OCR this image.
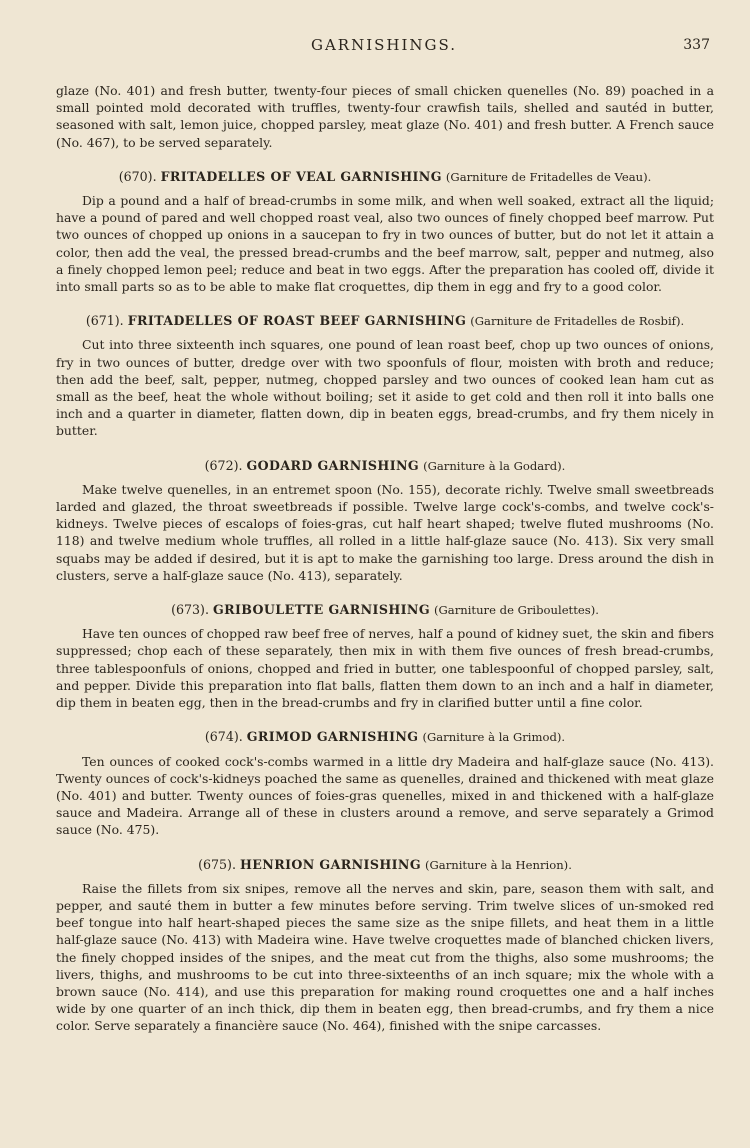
GARNISHINGS.	337

glaze (No. 401) and fresh butter, twenty-four pieces of small chicken quenelles (No. 89) poached in a small pointed mold decorated with truffles, twenty-four crawfish tails, shelled and sautéd in butter, seasoned with salt, lemon juice, chopped parsley, meat glaze (No. 401) and fresh butter. A French sauce (No. 467), to be served separately.

(670). FRITADELLES OF VEAL GARNISHING (Garniture de Fritadelles de Veau).

Dip a pound and a half of bread-crumbs in some milk, and when well soaked, extract all the liquid; have a pound of pared and well chopped roast veal, also two ounces of finely chopped beef marrow. Put two ounces of chopped up onions in a saucepan to fry in two ounces of butter, but do not let it attain a color, then add the veal, the pressed bread-crumbs and the beef marrow, salt, pepper and nutmeg, also a finely chopped lemon peel; reduce and beat in two eggs. After the preparation has cooled off, divide it into small parts so as to be able to make flat croquettes, dip them in egg and fry to a good color.

(671). FRITADELLES OF ROAST BEEF GARNISHING (Garniture de Fritadelles de Rosbif).

Cut into three sixteenth inch squares, one pound of lean roast beef, chop up two ounces of onions, fry in two ounces of butter, dredge over with two spoonfuls of flour, moisten with broth and reduce; then add the beef, salt, pepper, nutmeg, chopped parsley and two ounces of cooked lean ham cut as small as the beef, heat the whole without boiling; set it aside to get cold and then roll it into balls one inch and a quarter in diameter, flatten down, dip in beaten eggs, bread-crumbs, and fry them nicely in butter.

(672). GODARD GARNISHING (Garniture à la Godard).

Make twelve quenelles, in an entremet spoon (No. 155), decorate richly. Twelve small sweetbreads larded and glazed, the throat sweetbreads if possible. Twelve large cock's-combs, and twelve cock's-kidneys. Twelve pieces of escalops of foies-gras, cut half heart shaped; twelve fluted mushrooms (No. 118) and twelve medium whole truffles, all rolled in a little half-glaze sauce (No. 413). Six very small squabs may be added if desired, but it is apt to make the garnishing too large. Dress around the dish in clusters, serve a half-glaze sauce (No. 413), separately.

(673). GRIBOULETTE GARNISHING (Garniture de Griboulettes).

Have ten ounces of chopped raw beef free of nerves, half a pound of kidney suet, the skin and fibers suppressed; chop each of these separately, then mix in with them five ounces of fresh bread-crumbs, three tablespoonfuls of onions, chopped and fried in butter, one tablespoonful of chopped parsley, salt, and pepper. Divide this preparation into flat balls, flatten them down to an inch and a half in diameter, dip them in beaten egg, then in the bread-crumbs and fry in clarified butter until a fine color.

(674). GRIMOD GARNISHING (Garniture à la Grimod).

Ten ounces of cooked cock's-combs warmed in a little dry Madeira and half-glaze sauce (No. 413). Twenty ounces of cock's-kidneys poached the same as quenelles, drained and thickened with meat glaze (No. 401) and butter. Twenty ounces of foies-gras quenelles, mixed in and thickened with a half-glaze sauce and Madeira. Arrange all of these in clusters around a remove, and serve separately a Grimod sauce (No. 475).

(675). HENRION GARNISHING (Garniture à la Henrion).

Raise the fillets from six snipes, remove all the nerves and skin, pare, season them with salt, and pepper, and sauté them in butter a few minutes before serving. Trim twelve slices of un-smoked red beef tongue into half heart-shaped pieces the same size as the snipe fillets, and heat them in a little half-glaze sauce (No. 413) with Madeira wine. Have twelve croquettes made of blanched chicken livers, the finely chopped insides of the snipes, and the meat cut from the thighs, also some mushrooms; the livers, thighs, and mushrooms to be cut into three-sixteenths of an inch square; mix the whole with a brown sauce (No. 414), and use this preparation for making round croquettes one and a half inches wide by one quarter of an inch thick, dip them in beaten egg, then bread-crumbs, and fry them a nice color. Serve separately a financière sauce (No. 464), finished with the snipe carcasses.
